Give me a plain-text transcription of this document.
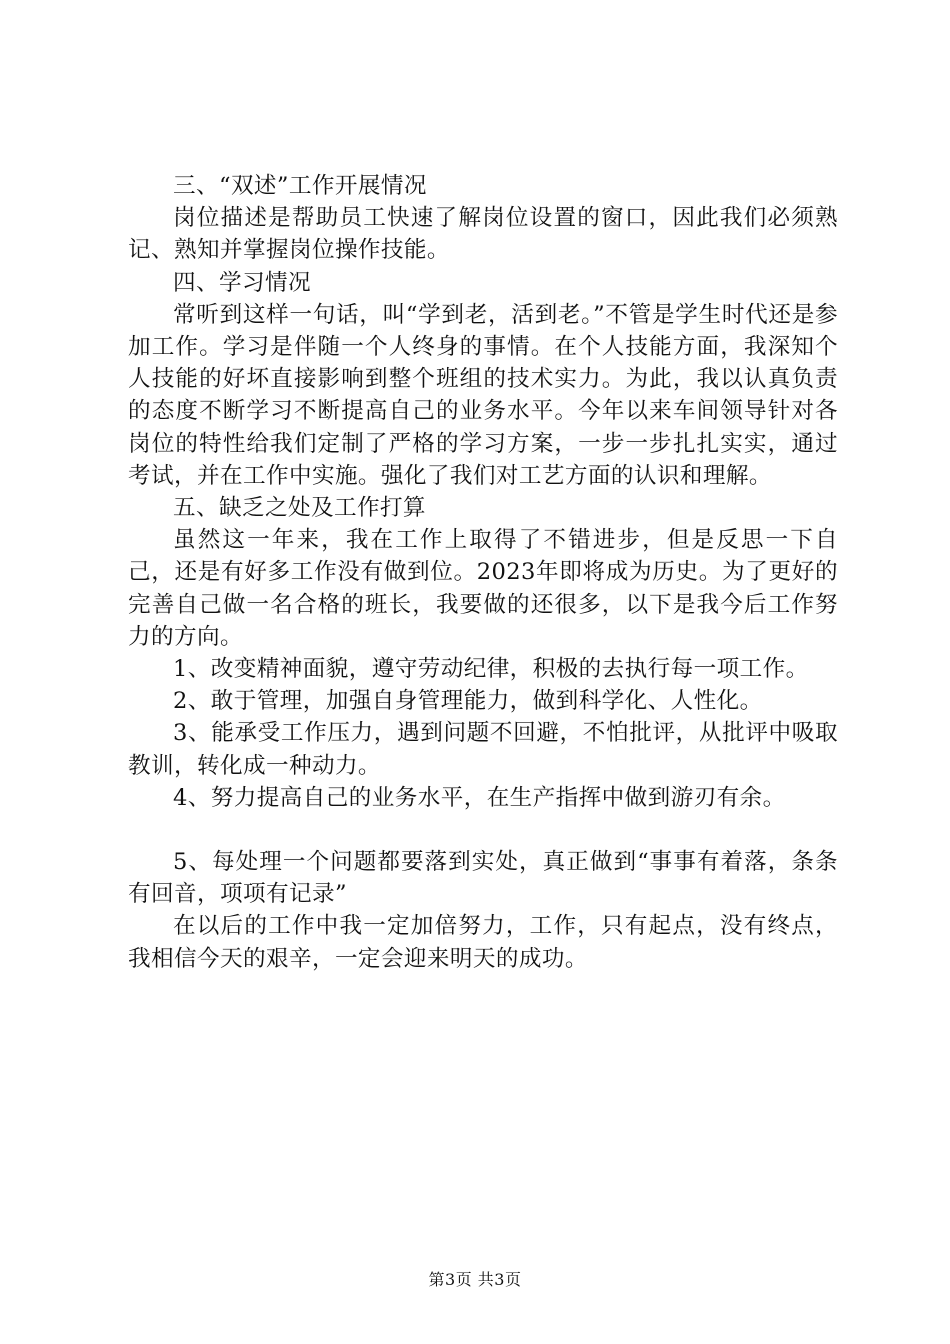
三、“双述”工作开展情况

岗位描述是帮助员工快速了解岗位设置的窗口，因此我们必须熟记、熟知并掌握岗位操作技能。

四、学习情况

常听到这样一句话，叫“学到老，活到老。”不管是学生时代还是参加工作。学习是伴随一个人终身的事情。在个人技能方面，我深知个人技能的好坏直接影响到整个班组的技术实力。为此，我以认真负责的态度不断学习不断提高自己的业务水平。今年以来车间领导针对各岗位的特性给我们定制了严格的学习方案，一步一步扎扎实实，通过考试，并在工作中实施。强化了我们对工艺方面的认识和理解。

五、缺乏之处及工作打算

虽然这一年来，我在工作上取得了不错进步，但是反思一下自己，还是有好多工作没有做到位。2023年即将成为历史。为了更好的完善自己做一名合格的班长，我要做的还很多，以下是我今后工作努力的方向。

1、改变精神面貌，遵守劳动纪律，积极的去执行每一项工作。

2、敢于管理，加强自身管理能力，做到科学化、人性化。

3、能承受工作压力，遇到问题不回避，不怕批评，从批评中吸取教训，转化成一种动力。

4、努力提高自己的业务水平，在生产指挥中做到游刃有余。

5、每处理一个问题都要落到实处，真正做到“事事有着落，条条有回音，项项有记录”

在以后的工作中我一定加倍努力，工作，只有起点，没有终点，我相信今天的艰辛，一定会迎来明天的成功。

第3页 共3页
